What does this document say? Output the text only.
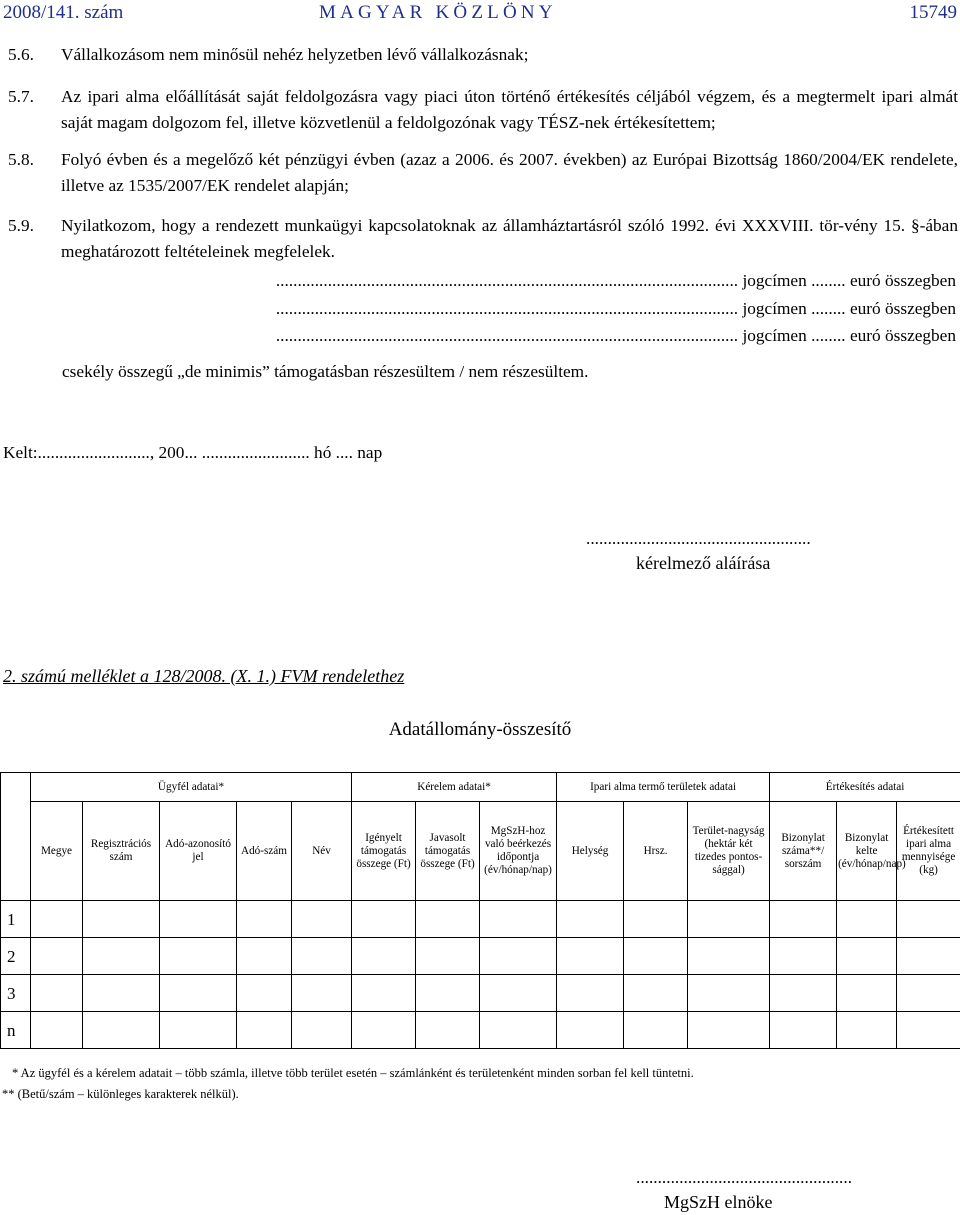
2008/141. szám	MAGYAR KÖZLÖNY	15749
5.6. Vállalkozásom nem minősül nehéz helyzetben lévő vállalkozásnak;
5.7. Az ipari alma előállítását saját feldolgozásra vagy piaci úton történő értékesítés céljából végzem, és a megtermelt ipari almát saját magam dolgozom fel, illetve közvetlenül a feldolgozónak vagy TÉSZ-nek értékesítettem;
5.8. Folyó évben és a megelőző két pénzügyi évben (azaz a 2006. és 2007. években) az Európai Bizottság 1860/2004/EK rendelete, illetve az 1535/2007/EK rendelet alapján;
5.9. Nyilatkozom, hogy a rendezett munkaügyi kapcsolatoknak az államháztartásról szóló 1992. évi XXXVIII. tör-vény 15. §-ában meghatározott feltételeinek megfelelek.
........................................................................................................... jogcímen ........ euró összegben
........................................................................................................... jogcímen ........ euró összegben
........................................................................................................... jogcímen ........ euró összegben
csekély összegű „de minimis” támogatásban részesültem / nem részesültem.
Kelt:.........................., 200... ......................... hó .... nap
....................................................
kérelmező aláírása
2. számú melléklet a 128/2008. (X. 1.) FVM rendelethez
Adatállomány-összesítő
	Ügyfél adatai*					Kérelem adatai*			Ipari alma termő területek adatai			Értékesítés adatai		
	Megye	Regisztrációs szám	Adó-azonosító jel	Adó-szám	Név	Igényelt támogatás összege (Ft)	Javasolt támogatás összege (Ft)	MgSzH-hoz való beérkezés időpontja (év/hónap/nap)	Helység	Hrsz.	Terület-nagyság (hektár két tizedes pontos-sággal)	Bizonylat száma**/ sorszám	Bizonylat kelte (év/hónap/nap)	Értékesített ipari alma mennyisége (kg)
1														
2														
3														
n														
* Az ügyfél és a kérelem adatait – több számla, illetve több terület esetén – számlánként és területenként minden sorban fel kell tüntetni.
** (Betű/szám – különleges karakterek nélkül).
..................................................
MgSzH elnöke
